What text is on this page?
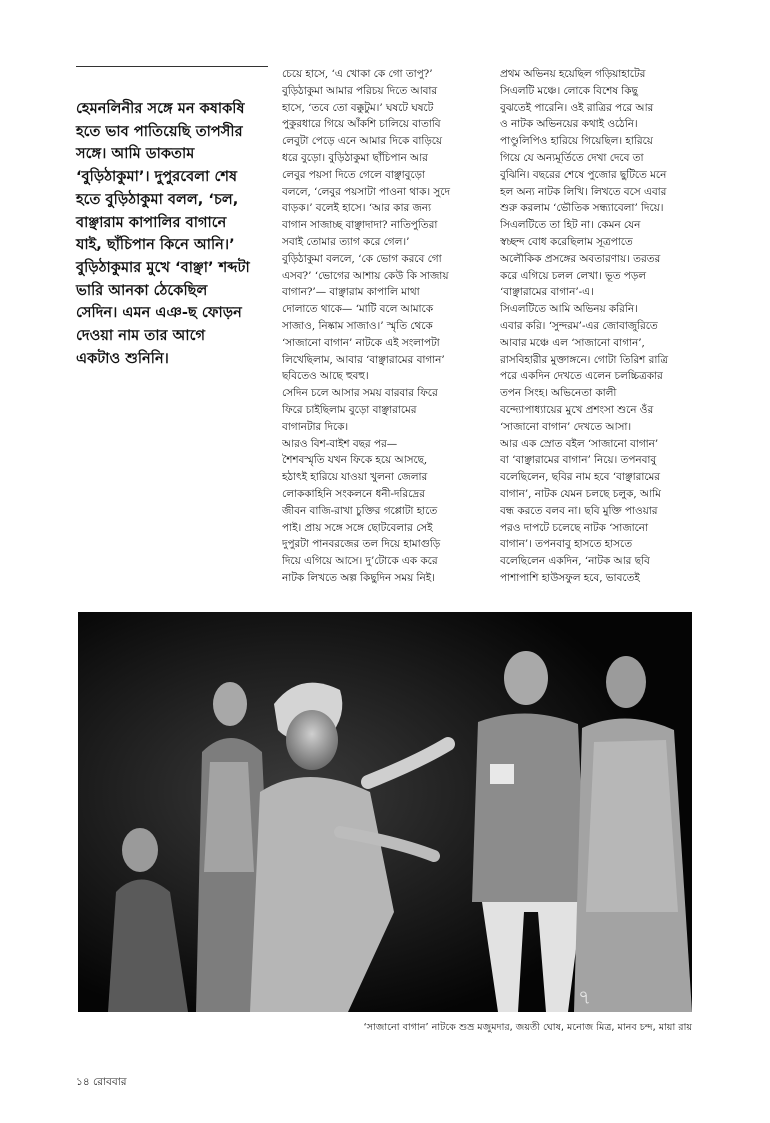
হেমনলিনীর সঙ্গে মন কষাকষি
হতে ভাব পাতিয়েছি তাপসীর
সঙ্গে। আমি ডাকতাম
‘বুড়িঠাকুমা’। দুপুরবেলা শেষ
হতে বুড়িঠাকুমা বলল, ‘চল,
বাঞ্ছারাম কাপালির বাগানে
যাই, ছাঁচিপান কিনে আনি।’
বুড়িঠাকুমার মুখে ‘বাঞ্ছা’ শব্দটা
ভারি আনকা ঠেকেছিল
সেদিন। এমন এঞ-ছ ফোড়ন
দেওয়া নাম তার আগে
একটাও শুনিনি।
চেয়ে হাসে, ‘এ খোকা কে গো তাপু?’
বুড়িঠাকুমা আমার পরিচয় দিতে আবার
হাসে, ‘তবে তো বক্কুটুম।’ ঘষটে ঘষটে
পুকুরধারে গিয়ে আঁকশি চালিয়ে বাতাবি
লেবুটা পেড়ে এনে আমার দিকে বাড়িয়ে
ধরে বুড়ো। বুড়িঠাকুমা ছাঁচিপান আর
লেবুর পয়সা দিতে গেলে বাঞ্ছাবুড়ো
বললে, ‘লেবুর পয়সাটা পাওনা থাক। সুদে
বাড়ক।’ বলেই হাসে। ‘আর কার জন্য
বাগান সাজাচ্ছ বাঞ্ছাদাদা? নাতিপুতিরা
সবাই তোমার ত্যাগ করে গেল।’
বুড়িঠাকুমা বললে, ‘কে ভোগ করবে গো
এসব?’ ‘ভোগের আশায় কেউ কি সাজায়
বাগান?’— বাঞ্ছারাম কাপালি মাথা
দোলাতে থাকে— ‘মাটি বলে আমাকে
সাজাও, নিষ্কাম সাজাও।’ স্মৃতি থেকে
‘সাজানো বাগান’ নাটকে এই সংলাপটা
লিখেছিলাম, আবার ‘বাঞ্ছারামের বাগান’
ছবিতেও আছে হুবহু।
সেদিন চলে আসার সময় বারবার ফিরে
ফিরে চাইছিলাম বুড়ো বাঞ্ছারামের
বাগানটার দিকে।
আরও বিশ-বাইশ বছর পর—
শৈশবস্মৃতি যখন ফিকে হয়ে আসছে,
হঠাৎই হারিয়ে যাওয়া খুলনা জেলার
লোককাহিনি সংকলনে ধনী-দরিদ্রের
জীবন বাজি-রাখা চুক্তির গপ্পোটা হাতে
পাই। প্রায় সঙ্গে সঙ্গে ছোটবেলার সেই
দুপুরটা পানবরজের তল দিয়ে হামাগুড়ি
দিয়ে এগিয়ে আসে। দু’টোকে এক করে
নাটক লিখতে অল্প কিছুদিন সময় নিই।
প্রথম অভিনয় হয়েছিল গড়িয়াহাটের
সিএলটি মঞ্চে। লোকে বিশেষ কিছু
বুঝতেই পারেনি। ওই রাত্রির পরে আর
ও নাটক অভিনয়ের কথাই ওঠেনি।
পাণ্ডুলিপিও হারিয়ে গিয়েছিল। হারিয়ে
গিয়ে যে অন্যমূর্তিতে দেখা দেবে তা
বুঝিনি। বছরের শেষে পুজোর ছুটিতে মনে
হল অন্য নাটক লিখি। লিখতে বসে এবার
শুরু করলাম ‘ভৌতিক সন্ধ্যাবেলা’ দিয়ে।
সিএলটিতে তা হিট না। কেমন যেন
স্বচ্ছন্দ বোধ করেছিলাম সূত্রপাতে
অলৌকিক প্রসঙ্গের অবতারণায়। তরতর
করে এগিয়ে চলল লেখা। ভূত পড়ল
‘বাঞ্ছারামের বাগান’-এ।
সিএলটিতে আমি অভিনয় করিনি।
এবার করি। ‘সুন্দরম’-এর জোবাজুরিতে
আবার মঞ্চে এল ‘সাজানো বাগান’,
রাসবিহারীর মুক্তাঙ্গনে। গোটা তিরিশ রাত্রি
পরে একদিন দেখতে এলেন চলচ্চিত্রকার
তপন সিংহ। অভিনেতা কালী
বন্দ্যোপাধ্যায়ের মুখে প্রশংসা শুনে ওঁর
‘সাজানো বাগান’ দেখতে আসা।
আর এক স্রোত বইল ‘সাজানো বাগান’
বা ‘বাঞ্ছারামের বাগান’ নিয়ে। তপনবাবু
বলেছিলেন, ছবির নাম হবে ‘বাঞ্ছারামের
বাগান’, নাটক যেমন চলছে চলুক, আমি
বন্ধ করতে বলব না। ছবি মুক্তি পাওয়ার
পরও দাপটে চলেছে নাটক ‘সাজানো
বাগান’। তপনবাবু হাসতে হাসতে
বলেছিলেন একদিন, ‘নাটক আর ছবি
পাশাপাশি হাউসফুল হবে, ভাবতেই
৭
‘সাজানো বাগান’ নাটকে শুভ্র মজুমদার, জয়তী ঘোষ, মনোজ মিত্র, মানব চন্দ, মায়া রায়
১৪ রোববার
